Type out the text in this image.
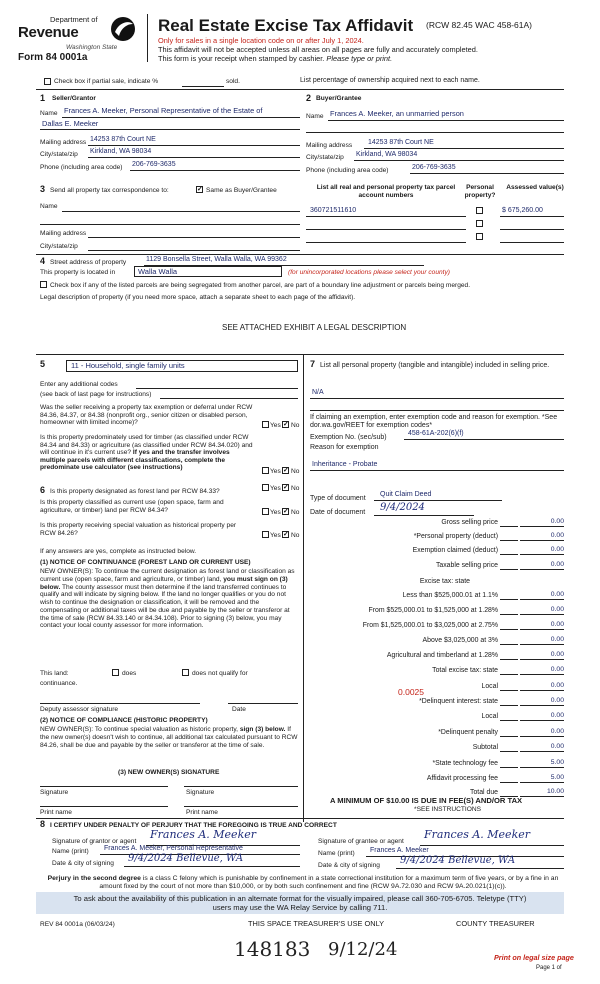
Department of
Revenue
Washington State
Form 84 0001a
Real Estate Excise Tax Affidavit (RCW 82.45 WAC 458-61A)
Only for sales in a single location code on or after July 1, 2024.
This affidavit will not be accepted unless all areas on all pages are fully and accurately completed.
This form is your receipt when stamped by cashier. Please type or print.
Check box if partial sale, indicate %	sold.	List percentage of ownership acquired next to each name.
1 Seller/Grantor
Name Frances A. Meeker, Personal Representative of the Estate of
Dallas E. Meeker
Mailing address 14253 87th Court NE
City/state/zip Kirkland, WA 98034
Phone (including area code) 206-769-3635
2 Buyer/Grantee
Name Frances A. Meeker, an unmarried person
Mailing address 14253 87th Court NE
City/state/zip Kirkland, WA 98034
Phone (including area code)	206-769-3635
3 Send all property tax correspondence to:	✓ Same as Buyer/Grantee
Name
Mailing address
City/state/zip
List all real and personal property tax parcel account numbers
Personal property?
Assessed value(s)
360721511610	$ 675,260.00
4 Street address of property	1129 Bonsella Street, Walla Walla, WA 99362
This property is located in	Walla Walla	(for unincorporated locations please select your county)
Check box if any of the listed parcels are being segregated from another parcel, are part of a boundary line adjustment or parcels being merged.
Legal description of property (if you need more space, attach a separate sheet to each page of the affidavit).
SEE ATTACHED EXHIBIT A LEGAL DESCRIPTION
5	11 - Household, single family units
Enter any additional codes
(see back of last page for instructions)
Was the seller receiving a property tax exemption or deferral under RCW 84.36, 84.37, or 84.38 (nonprofit org., senior citizen or disabled person, homeowner with limited income)?	Yes ✓ No
Is this property predominately used for timber (as classified under RCW 84.34 and 84.33) or agriculture (as classified under RCW 84.34.020) and will continue in it's current use? If yes and the transfer involves multiple parcels with different classifications, complete the predominate use calculator (see instructions)
Yes ✓ No
6 Is this property designated as forest land per RCW 84.33?	Yes ✓ No
Is this property classified as current use (open space, farm and agriculture, or timber) land per RCW 84.34?	Yes ✓ No
Is this property receiving special valuation as historical property per RCW 84.26?	Yes ✓ No
If any answers are yes, complete as instructed below.
(1) NOTICE OF CONTINUANCE (FOREST LAND OR CURRENT USE)
NEW OWNER(S): To continue the current designation as forest land or classification as current use (open space, farm and agriculture, or timber) land, you must sign on (3) below. The county assessor must then determine if the land transferred continues to qualify and will indicate by signing below. If the land no longer qualifies or you do not wish to continue the designation or classification, it will be removed and the compensating or additional taxes will be due and payable by the seller or transferor at the time of sale (RCW 84.33.140 or 84.34.108). Prior to signing (3) below, you may contact your local county assessor for more information.
This land:	does	does not qualify for
continuance.
Deputy assessor signature	Date
(2) NOTICE OF COMPLIANCE (HISTORIC PROPERTY)
NEW OWNER(S): To continue special valuation as historic property, sign (3) below. If the new owner(s) doesn't wish to continue, all additional tax calculated pursuant to RCW 84.26, shall be due and payable by the seller or transferor at the time of sale.
(3) NEW OWNER(S) SIGNATURE
Signature	Signature
Print name	Print name
7 List all personal property (tangible and intangible) included in selling price.
N/A
If claiming an exemption, enter exemption code and reason for exemption. *See dor.wa.gov/REET for exemption codes*
Exemption No. (sec/sub)
458-61A-202(6)(f)
Reason for exemption
Inheritance - Probate
Type of document
Quit Claim Deed
Date of document 9/4/2024
Gross selling price	0.00
*Personal property (deduct)	0.00
Exemption claimed (deduct)	0.00
Taxable selling price	0.00
Excise tax: state
Less than $525,000.01 at 1.1%	0.00
From $525,000.01 to $1,525,000 at 1.28%	0.00
From $1,525,000.01 to $3,025,000 at 2.75%	0.00
Above $3,025,000 at 3%	0.00
Agricultural and timberland at 1.28%	0.00
Total excise tax: state	0.00
Local	0.00
*Delinquent interest: state	0.00
Local	0.00
*Delinquent penalty	0.00
Subtotal	0.00
*State technology fee	5.00
Affidavit processing fee	5.00
Total due	10.00
0.0025
A MINIMUM OF $10.00 IS DUE IN FEE(S) AND/OR TAX
*SEE INSTRUCTIONS
8 I CERTIFY UNDER PENALTY OF PERJURY THAT THE FOREGOING IS TRUE AND CORRECT
Signature of grantor or agent
Frances A. Meeker
Name (print) Frances A. Meeker, Personal Representative
Date & city of signing 9/4/2024 Bellevue, WA
Signature of grantee or agent
Frances A. Meeker
Name (print) Frances A. Meeker
Date & city of signing 9/4/2024 Bellevue, WA
Perjury in the second degree is a class C felony which is punishable by confinement in a state correctional institution for a maximum term of five years, or by a fine in an amount fixed by the court of not more than $10,000, or by both such confinement and fine (RCW 9A.72.030 and RCW 9A.20.021(1)(c)).
To ask about the availability of this publication in an alternate format for the visually impaired, please call 360-705-6705. Teletype (TTY) users may use the WA Relay Service by calling 711.
REV 84 0001a (06/03/24)	THIS SPACE TREASURER'S USE ONLY	COUNTY TREASURER
148183 9/12/24	Print on legal size page
Page 1 of
